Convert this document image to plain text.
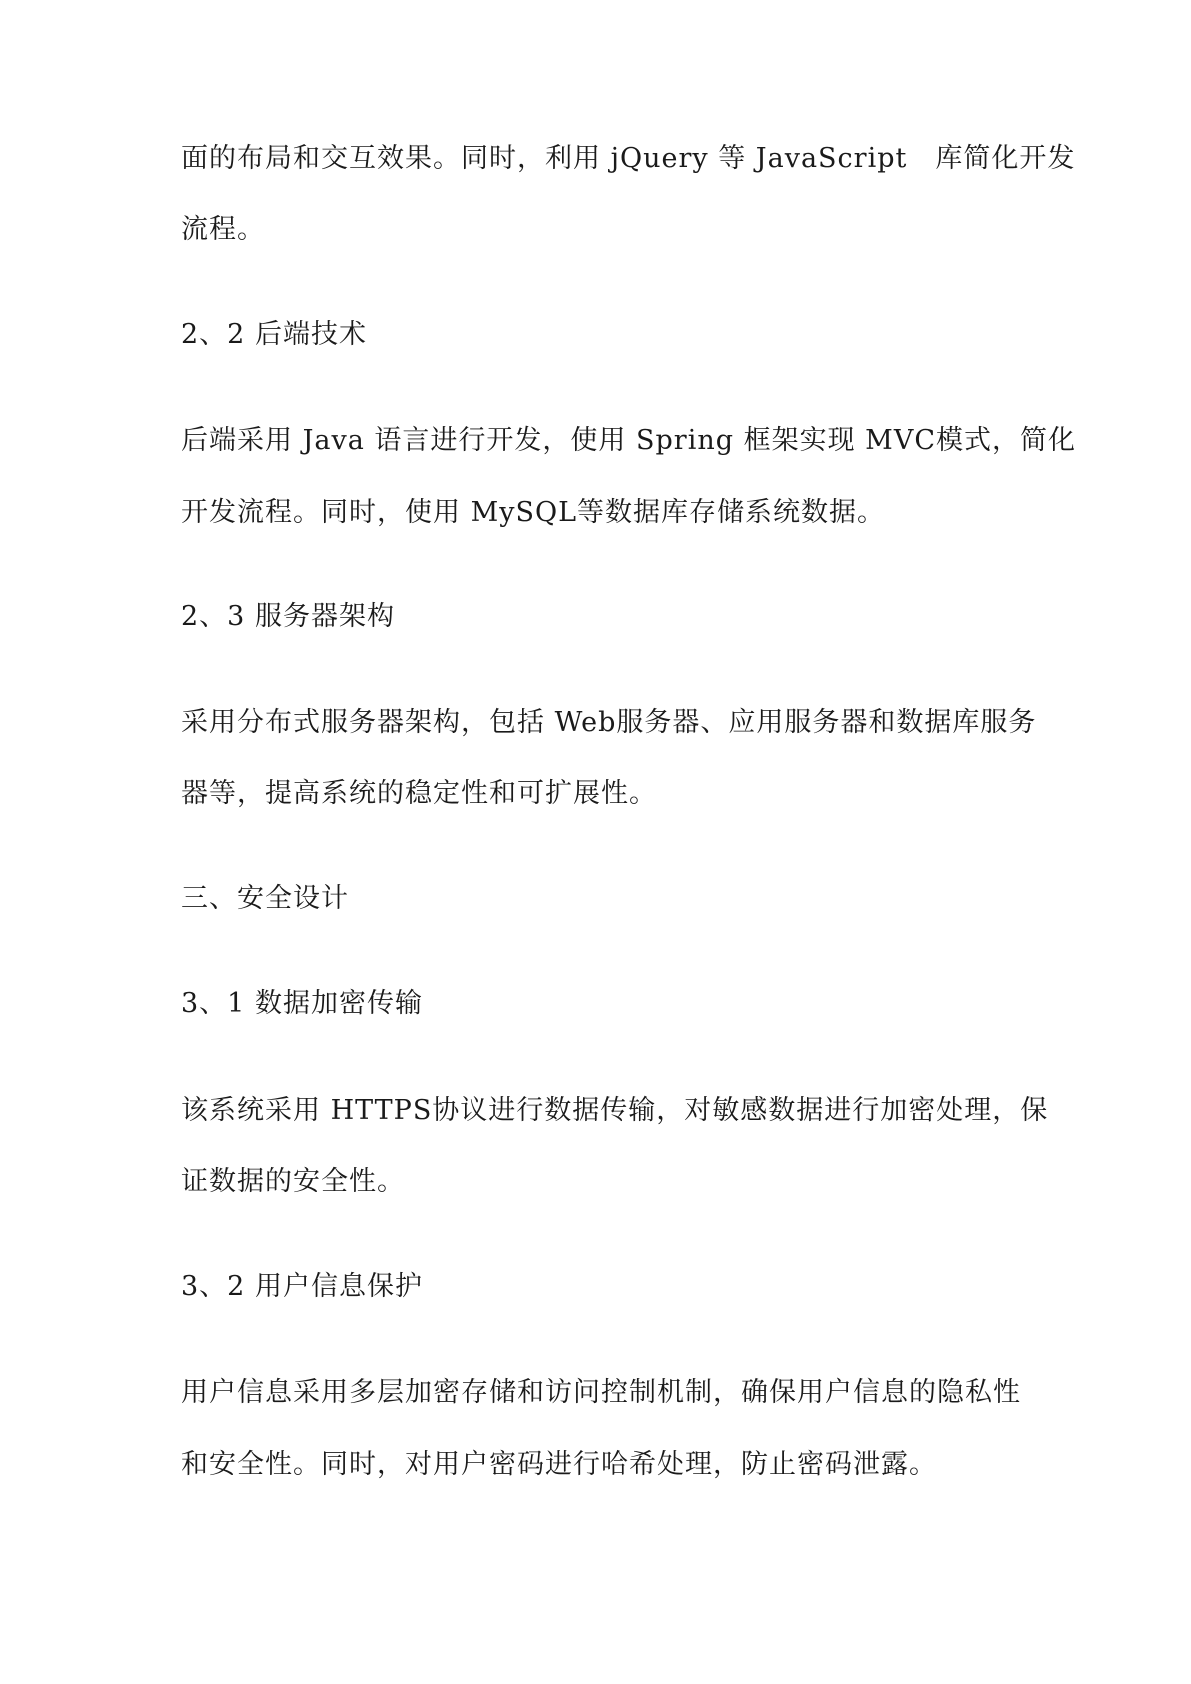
面的布局和交互效果。同时，利用 jQuery 等 JavaScript　库简化开发
流程。
2、2 后端技术
后端采用 Java 语言进行开发，使用 Spring 框架实现 MVC模式，简化
开发流程。同时，使用 MySQL等数据库存储系统数据。
2、3 服务器架构
采用分布式服务器架构，包括 Web服务器、应用服务器和数据库服务
器等，提高系统的稳定性和可扩展性。
三、安全设计
3、1 数据加密传输
该系统采用 HTTPS协议进行数据传输，对敏感数据进行加密处理，保
证数据的安全性。
3、2 用户信息保护
用户信息采用多层加密存储和访问控制机制，确保用户信息的隐私性
和安全性。同时，对用户密码进行哈希处理，防止密码泄露。
